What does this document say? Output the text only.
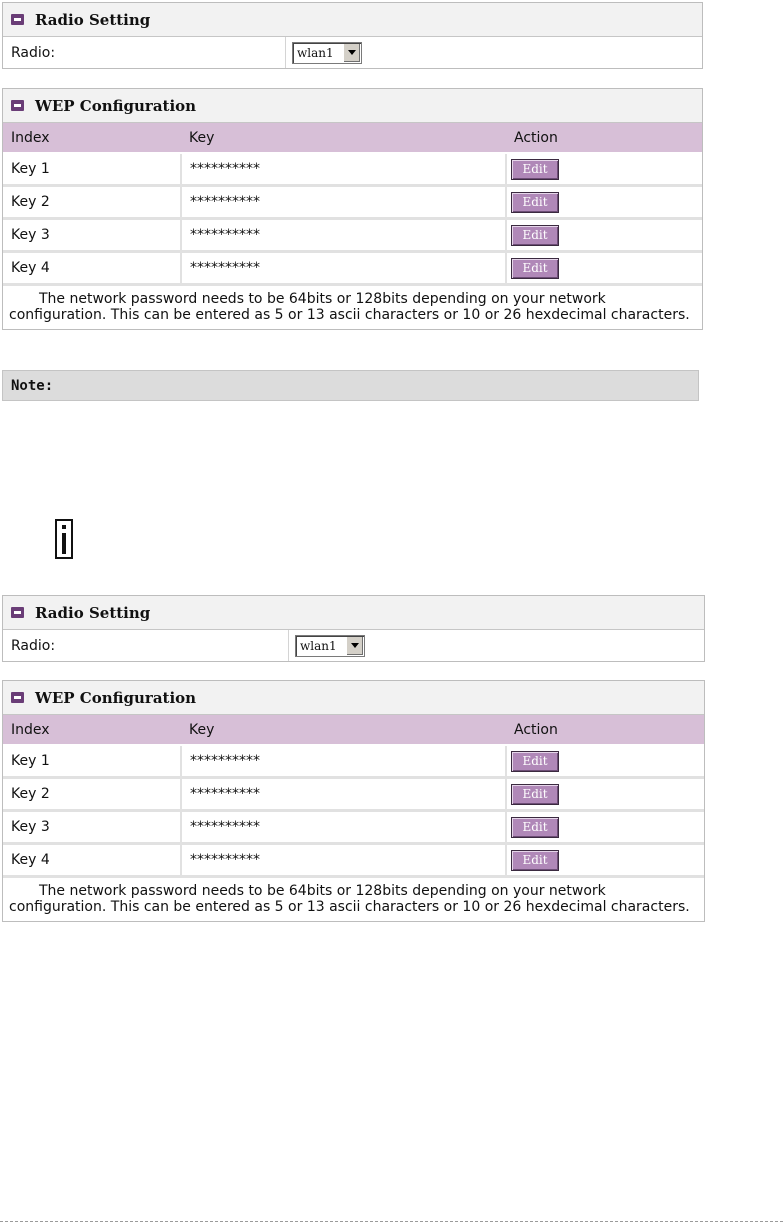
Radio Setting
Radio:	wlan1
WEP Configuration
Index	Key	Action
Key 1	**********	Edit
Key 2	**********	Edit
Key 3	**********	Edit
Key 4	**********	Edit
The network password needs to be 64bits or 128bits depending on your network configuration. This can be entered as 5 or 13 ascii characters or 10 or 26 hexdecimal characters.
Note:
Radio Setting
Radio:	wlan1
WEP Configuration
Index	Key	Action
Key 1	**********	Edit
Key 2	**********	Edit
Key 3	**********	Edit
Key 4	**********	Edit
The network password needs to be 64bits or 128bits depending on your network configuration. This can be entered as 5 or 13 ascii characters or 10 or 26 hexdecimal characters.
